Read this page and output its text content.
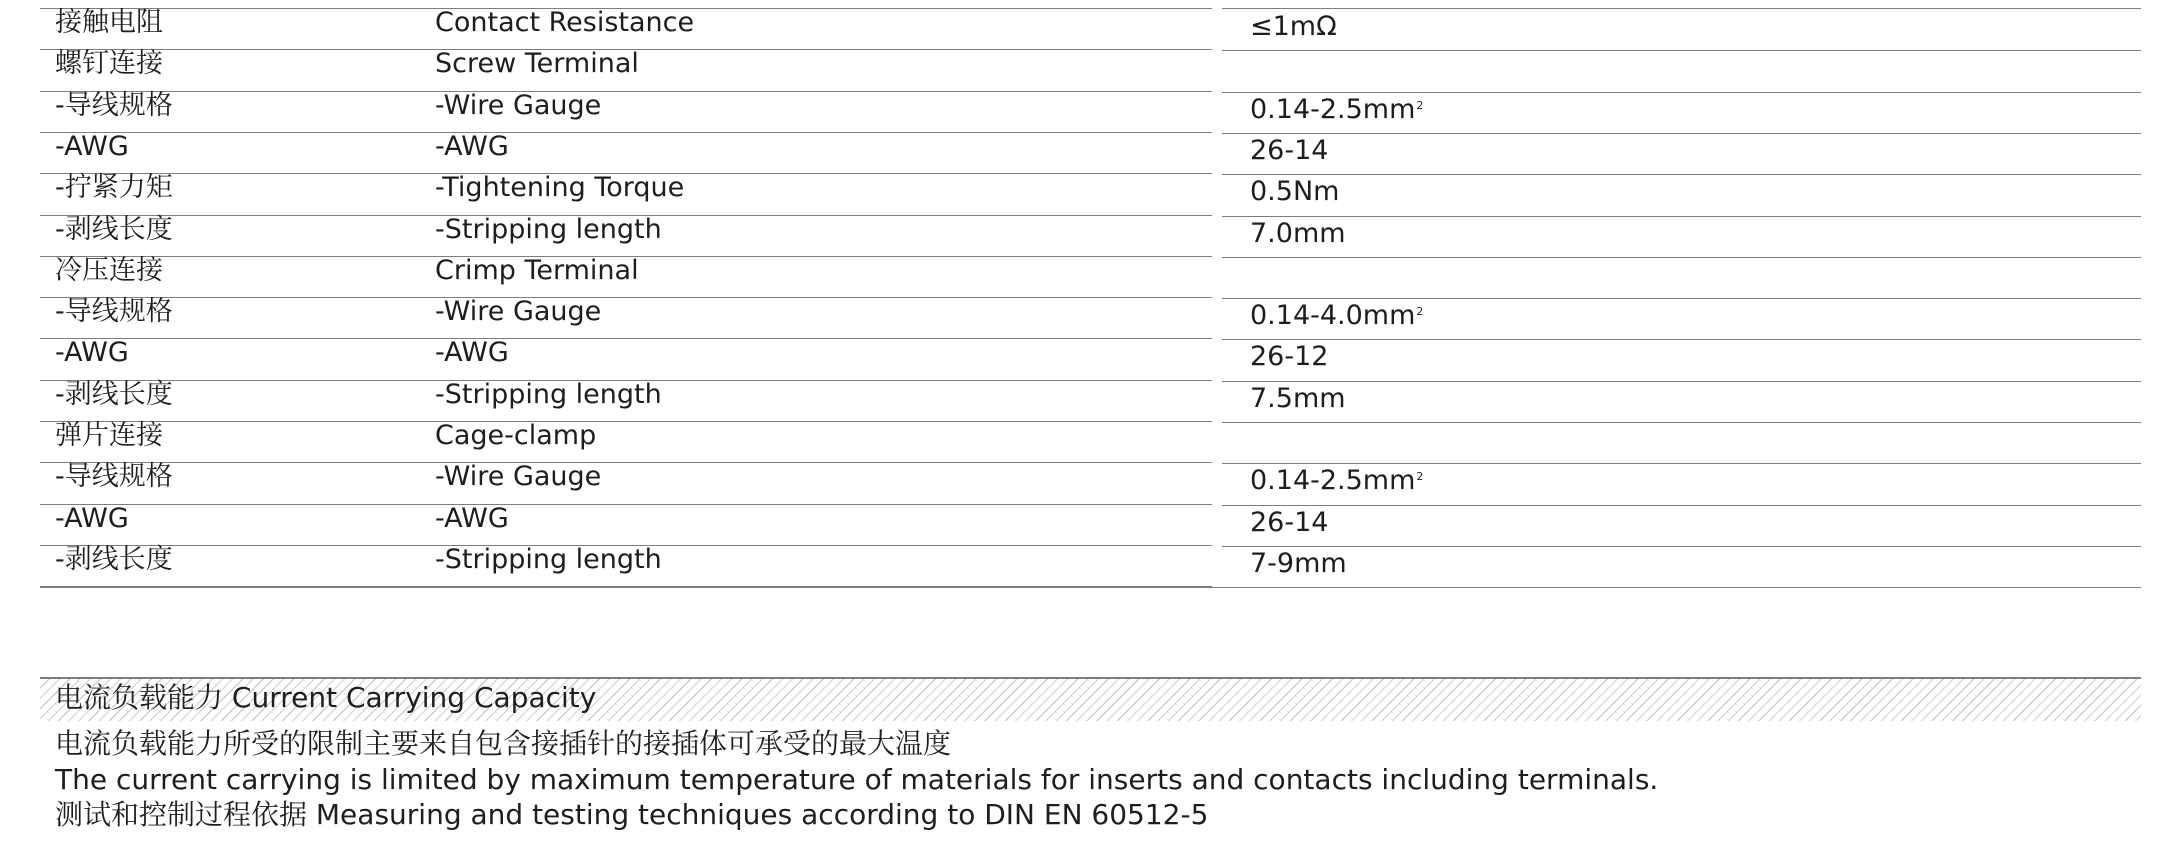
接触电阻	Contact Resistance	≤1mΩ
螺钉连接	Screw Terminal
-导线规格	-Wire Gauge	$0.14-2.5mm^2$
-AWG	-AWG	26-14
-拧紧力矩	-Tightening Torque	0.5Nm
-剥线长度	-Stripping length	7.0mm
冷压连接	Crimp Terminal
-导线规格	-Wire Gauge	$0.14-4.0mm^2$
-AWG	-AWG	26-12
-剥线长度	-Stripping length	7.5mm
弹片连接	Cage-clamp
-导线规格	-Wire Gauge	$0.14-2.5mm^2$
-AWG	-AWG	26-14
-剥线长度	-Stripping length	7-9mm
电流负载能力 Current Carrying Capacity
电流负载能力所受的限制主要来自包含接插针的接插体可承受的最大温度
The current carrying is limited by maximum temperature of materials for inserts and contacts including terminals.
测试和控制过程依据 Measuring and testing techniques according to DIN EN 60512-5
